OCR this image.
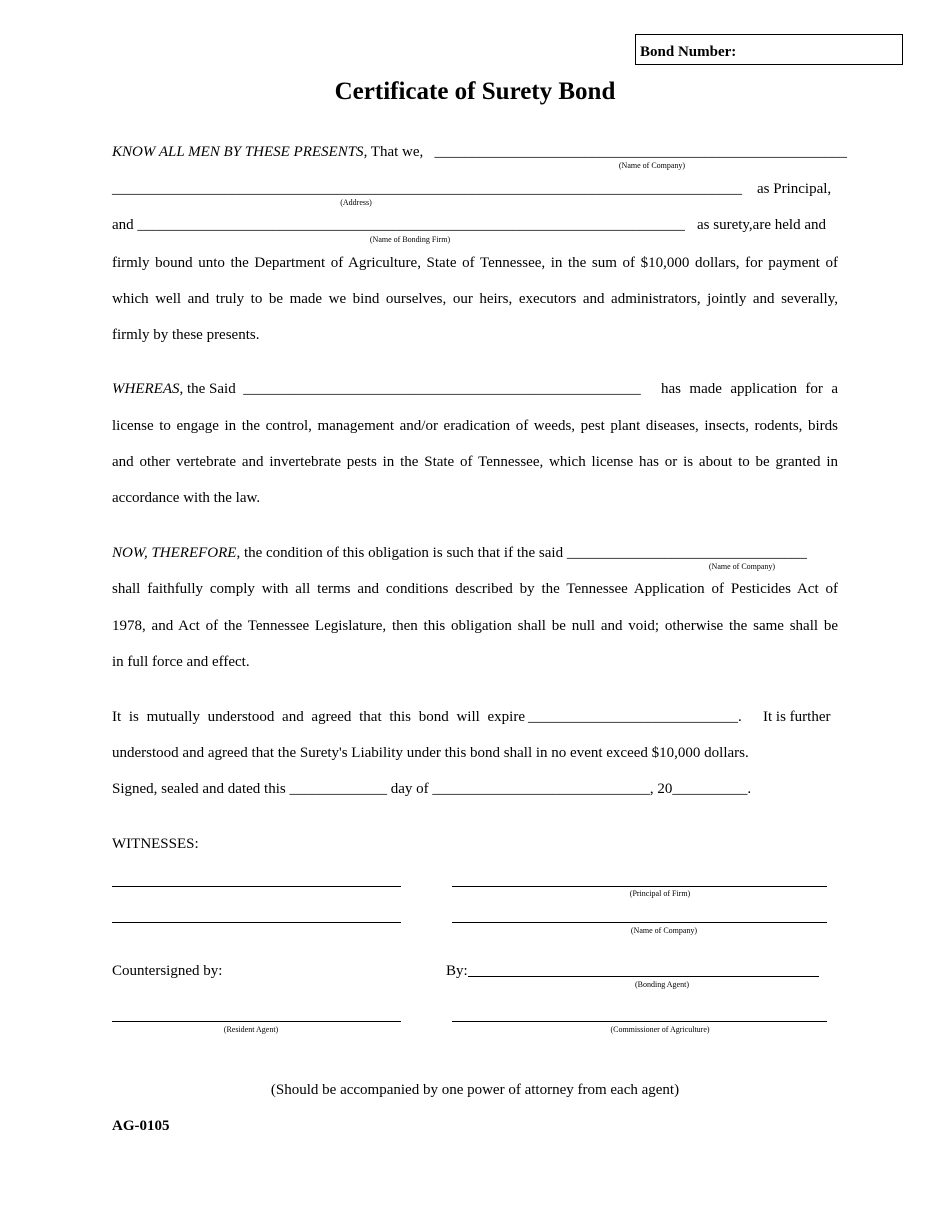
Bond Number:
Certificate of Surety Bond
KNOW ALL MEN BY THESE PRESENTS, That we, _______________________________________________________
(Name of Company)
____________________________________________________________________________________ as Principal,
(Address)
and _________________________________________________________________________ as surety,are held and
(Name of Bonding Firm)
firmly bound unto the Department of Agriculture, State of Tennessee, in the sum of $10,000 dollars, for payment of
which well and truly to be made we bind ourselves, our heirs, executors and administrators, jointly and severally,
firmly by these presents.
WHEREAS, the Said _____________________________________________________ has made application for a
license to engage in the control, management and/or eradication of weeds, pest plant diseases, insects, rodents, birds
and other vertebrate and invertebrate pests in the State of Tennessee, which license has or is about to be granted in
accordance with the law.
NOW, THEREFORE, the condition of this obligation is such that if the said ________________________________
(Name of Company)
shall faithfully comply with all terms and conditions described by the Tennessee Application of Pesticides Act of
1978, and Act of the Tennessee Legislature, then this obligation shall be null and void; otherwise the same shall be
in full force and effect.
It is mutually understood and agreed that this bond will expire ____________________________. It is further
understood and agreed that the Surety's Liability under this bond shall in no event exceed $10,000 dollars.
Signed, sealed and dated this _____________ day of _____________________________, 20__________.
WITNESSES:
(Principal of Firm)
(Name of Company)
Countersigned by:	By:
(Bonding Agent)
(Resident Agent)	(Commissioner of Agriculture)
(Should be accompanied by one power of attorney from each agent)
AG-0105
